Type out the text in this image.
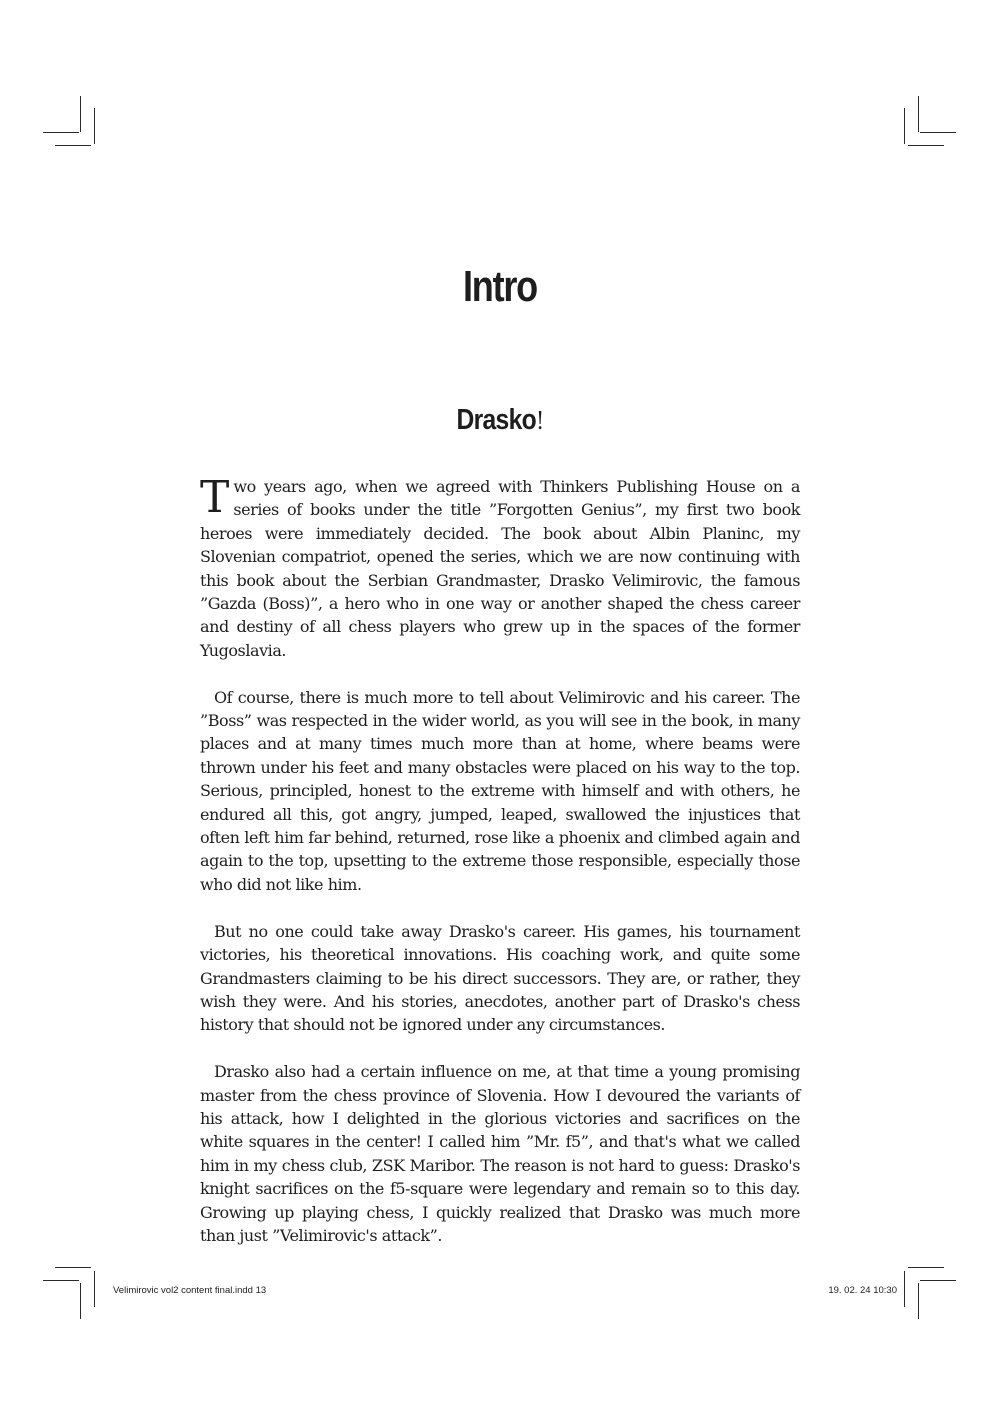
Intro
Drasko!

Two years ago, when we agreed with Thinkers Publishing House on a series of books under the title ”Forgotten Genius”, my first two book heroes were immediately decided. The book about Albin Planinc, my Slovenian compatriot, opened the series, which we are now continuing with this book about the Serbian Grandmaster, Drasko Velimirovic, the famous ”Gazda (Boss)”, a hero who in one way or another shaped the chess career and destiny of all chess players who grew up in the spaces of the former Yugoslavia.

Of course, there is much more to tell about Velimirovic and his career. The ”Boss” was respected in the wider world, as you will see in the book, in many places and at many times much more than at home, where beams were thrown under his feet and many obstacles were placed on his way to the top. Serious, principled, honest to the extreme with himself and with others, he endured all this, got angry, jumped, leaped, swallowed the injustices that often left him far behind, returned, rose like a phoenix and climbed again and again to the top, upsetting to the extreme those responsible, especially those who did not like him.

But no one could take away Drasko's career. His games, his tournament victories, his theoretical innovations. His coaching work, and quite some Grandmasters claiming to be his direct successors. They are, or rather, they wish they were. And his stories, anecdotes, another part of Drasko's chess history that should not be ignored under any circumstances.

Drasko also had a certain influence on me, at that time a young promising master from the chess province of Slovenia. How I devoured the variants of his attack, how I delighted in the glorious victories and sacrifices on the white squares in the center! I called him ”Mr. f5”, and that's what we called him in my chess club, ZSK Maribor. The reason is not hard to guess: Drasko's knight sacrifices on the f5-square were legendary and remain so to this day. Growing up playing chess, I quickly realized that Drasko was much more than just ”Velimirovic's attack”.

Velimirovic vol2 content final.indd 13	19. 02. 24 10:30
